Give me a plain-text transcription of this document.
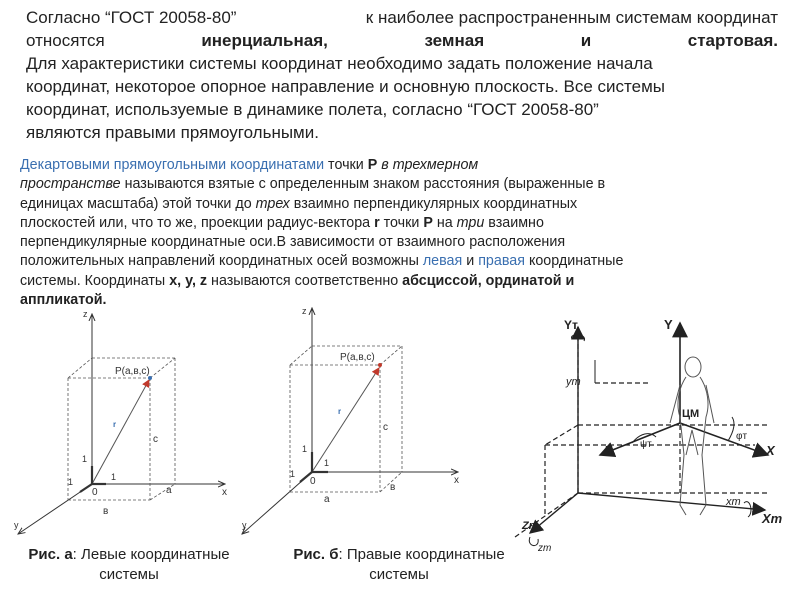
Согласно “ГОСТ 20058-80”	к наиболее распространенным системам координат
относятся	инерциальная,	земная	и	стартовая.
Для характеристики системы координат необходимо задать положение начала
координат, некоторое опорное направление и основную плоскость. Все системы
координат, используемые в динамике полета, согласно “ГОСТ 20058-80”
являются правыми прямоугольными.
Декартовыми прямоугольными координатами точки Р в трехмерном
пространстве называются взятые с определенным знаком расстояния (выраженные в
единицах масштаба) этой точки до трех взаимно перпендикулярных координатных
плоскостей или, что то же, проекции радиус-вектора r точки Р на три взаимно
перпендикулярные координатные оси.В зависимости от взаимного расположения
положительных направлений координатных осей возможны левая и правая координатные
системы. Координаты x, y, z называются соответственно абсциссой, ординатой и
аппликатой.
z
x
y
P(a,в,c)
r
c
a
в
1
1
1
0
z
x
y
P(a,в,c)
r
c
a
в
1
1
1
0
Yт	Y
yт
ЦМ
Z	X
xт
Xт
Zт
zт
φт
ψт
Рис. а: Левые координатные
системы
Рис. б: Правые координатные
системы
